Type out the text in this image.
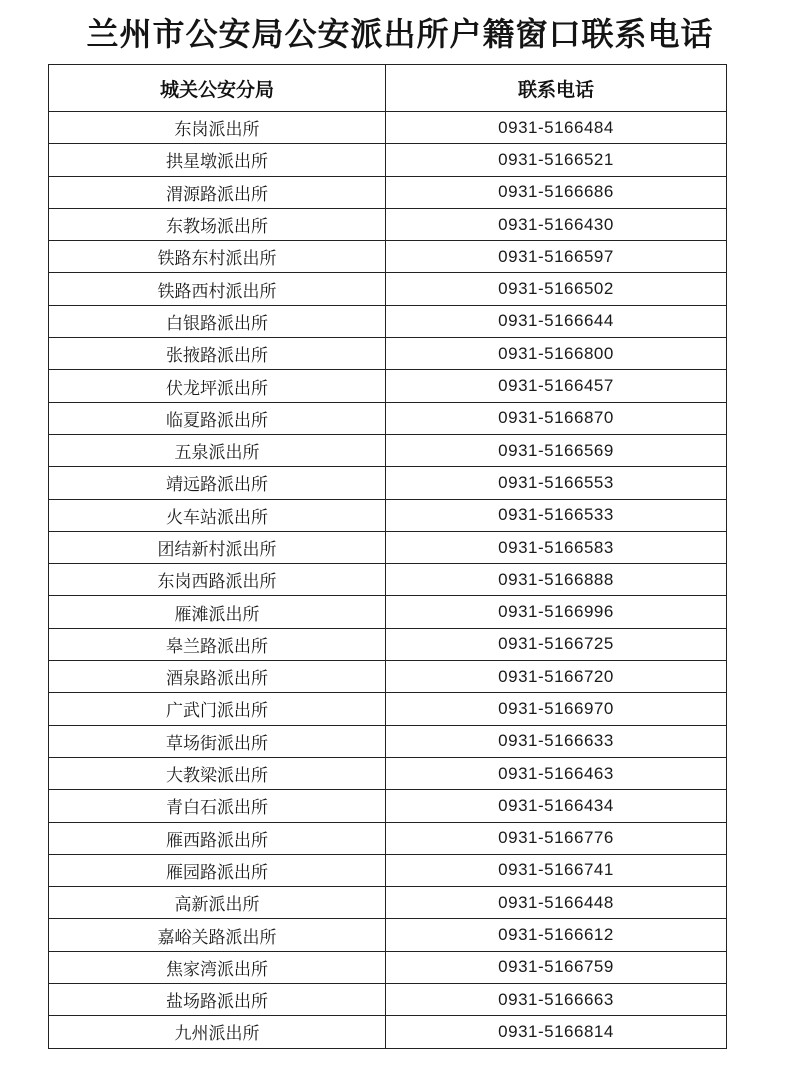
兰州市公安局公安派出所户籍窗口联系电话
城关公安分局	联系电话
东岗派出所	0931-5166484
拱星墩派出所	0931-5166521
渭源路派出所	0931-5166686
东教场派出所	0931-5166430
铁路东村派出所	0931-5166597
铁路西村派出所	0931-5166502
白银路派出所	0931-5166644
张掖路派出所	0931-5166800
伏龙坪派出所	0931-5166457
临夏路派出所	0931-5166870
五泉派出所	0931-5166569
靖远路派出所	0931-5166553
火车站派出所	0931-5166533
团结新村派出所	0931-5166583
东岗西路派出所	0931-5166888
雁滩派出所	0931-5166996
皋兰路派出所	0931-5166725
酒泉路派出所	0931-5166720
广武门派出所	0931-5166970
草场街派出所	0931-5166633
大教梁派出所	0931-5166463
青白石派出所	0931-5166434
雁西路派出所	0931-5166776
雁园路派出所	0931-5166741
高新派出所	0931-5166448
嘉峪关路派出所	0931-5166612
焦家湾派出所	0931-5166759
盐场路派出所	0931-5166663
九州派出所	0931-5166814
